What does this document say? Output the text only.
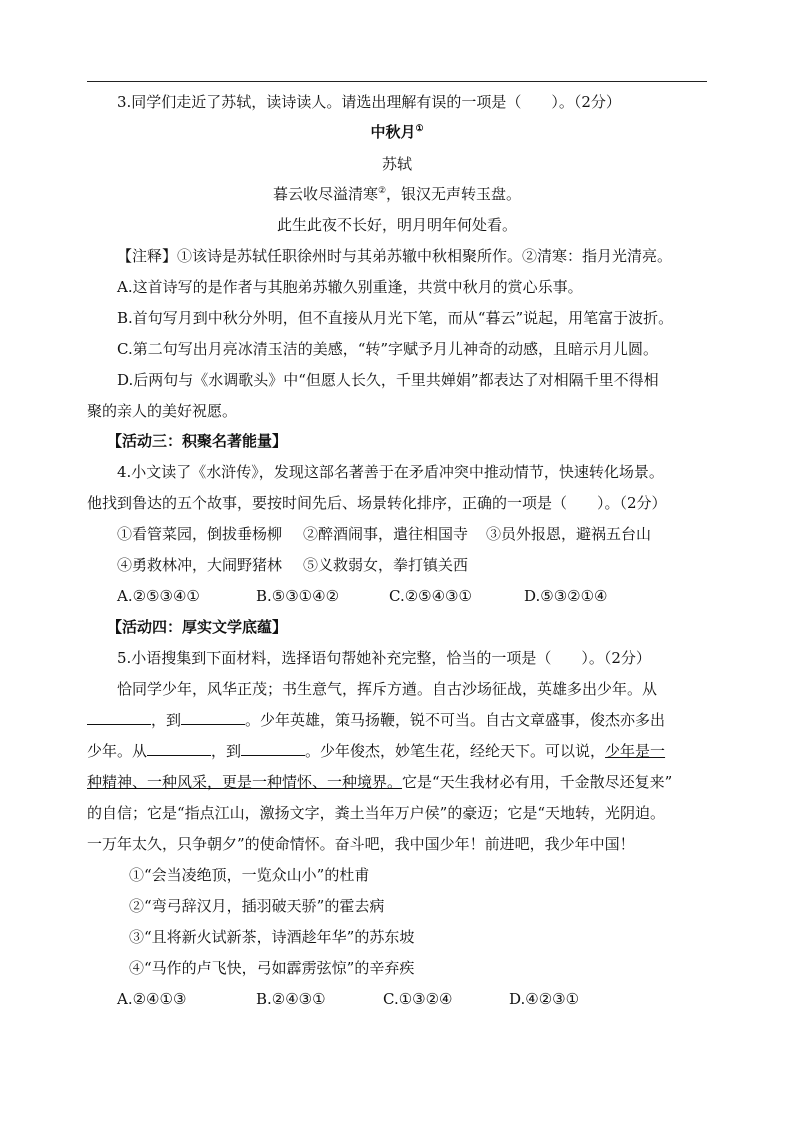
3.同学们走近了苏轼，读诗读人。请选出理解有误的一项是（　　）。（2分）
中秋月①
苏轼
暮云收尽溢清寒②，银汉无声转玉盘。
此生此夜不长好，明月明年何处看。
【注释】①该诗是苏轼任职徐州时与其弟苏辙中秋相聚所作。②清寒：指月光清亮。
A.这首诗写的是作者与其胞弟苏辙久别重逢，共赏中秋月的赏心乐事。
B.首句写月到中秋分外明，但不直接从月光下笔，而从“暮云”说起，用笔富于波折。
C.第二句写出月亮冰清玉洁的美感，“转”字赋予月儿神奇的动感，且暗示月儿圆。
D.后两句与《水调歌头》中“但愿人长久，千里共婵娟”都表达了对相隔千里不得相
聚的亲人的美好祝愿。
【活动三：积聚名著能量】
4.小文读了《水浒传》，发现这部名著善于在矛盾冲突中推动情节，快速转化场景。
他找到鲁达的五个故事，要按时间先后、场景转化排序，正确的一项是（　　）。（2分）
①看管菜园，倒拔垂杨柳 ②醉酒闹事，遣往相国寺 ③员外报恩，避祸五台山
④勇救林冲，大闹野猪林 ⑤义救弱女，拳打镇关西
A.②⑤③④①	B.⑤③①④②	C.②⑤④③①	D.⑤③②①④
【活动四：厚实文学底蕴】
5.小语搜集到下面材料，选择语句帮她补充完整，恰当的一项是（　　）。（2分）
恰同学少年，风华正茂；书生意气，挥斥方遒。自古沙场征战，英雄多出少年。从
，到	。少年英雄，策马扬鞭，锐不可当。自古文章盛事，俊杰亦多出
少年。从	，到	。少年俊杰，妙笔生花，经纶天下。可以说，少年是一
种精神、一种风采，更是一种情怀、一种境界。它是“天生我材必有用，千金散尽还复来”
的自信；它是“指点江山，激扬文字，粪土当年万户侯”的豪迈；它是“天地转，光阴迫。
一万年太久，只争朝夕”的使命情怀。奋斗吧，我中国少年！前进吧，我少年中国！
①“会当凌绝顶，一览众山小”的杜甫
②“弯弓辞汉月，插羽破天骄”的霍去病
③“且将新火试新茶，诗酒趁年华”的苏东坡
④“马作的卢飞快，弓如霹雳弦惊”的辛弃疾
A.②④①③	B.②④③①	C.①③②④	D.④②③①
